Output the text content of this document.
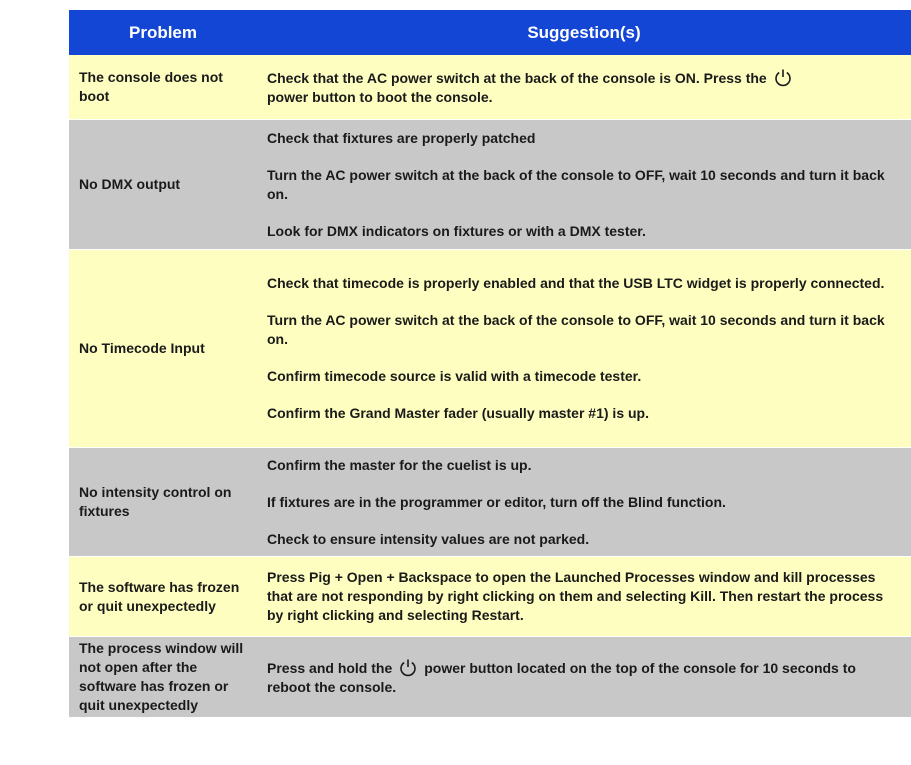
Problem	Suggestion(s)
The console does not boot
Check that the AC power switch at the back of the console is ON. Press the
power button to boot the console.
No DMX output
Check that fixtures are properly patched
Turn the AC power switch at the back of the console to OFF, wait 10 seconds and turn it back on.
Look for DMX indicators on fixtures or with a DMX tester.
No Timecode Input
Check that timecode is properly enabled and that the USB LTC widget is properly connected.
Turn the AC power switch at the back of the console to OFF, wait 10 seconds and turn it back on.
Confirm timecode source is valid with a timecode tester.
Confirm the Grand Master fader (usually master #1) is up.
No intensity control on fixtures
Confirm the master for the cuelist is up.
If fixtures are in the programmer or editor, turn off the Blind function.
Check to ensure intensity values are not parked.
The software has frozen or quit unexpectedly
Press Pig + Open + Backspace to open the Launched Processes window and kill processes that are not responding by right clicking on them and selecting Kill. Then restart the process by right clicking and selecting Restart.
The process window will not open after the software has frozen or quit unexpectedly
Press and hold the power button located on the top of the console for 10 seconds to reboot the console.
